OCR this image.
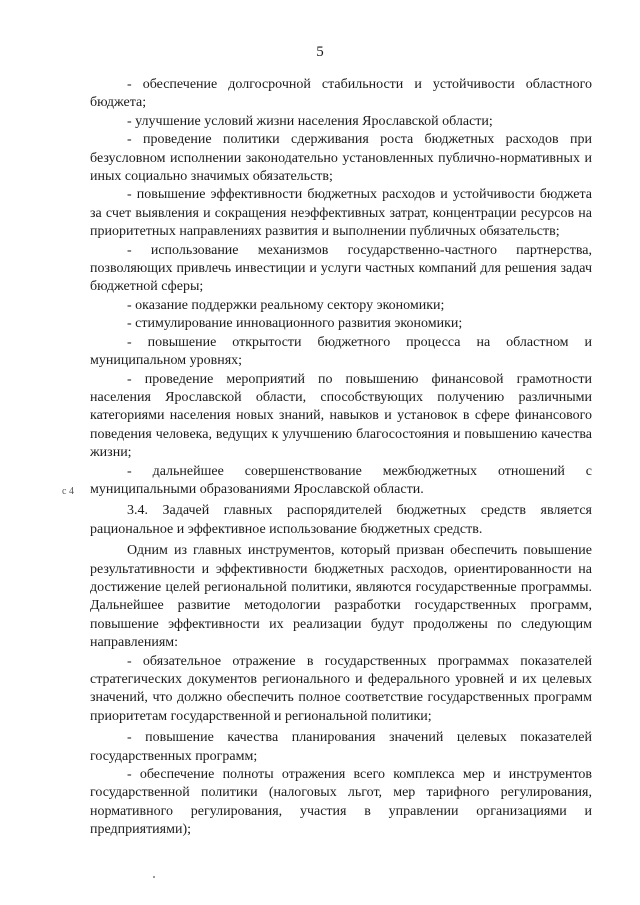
5
с 4

- обеспечение долгосрочной стабильности и устойчивости областного бюджета;

- улучшение условий жизни населения Ярославской области;

- проведение политики сдерживания роста бюджетных расходов при безусловном исполнении законодательно установленных публично-нормативных и иных социально значимых обязательств;

- повышение эффективности бюджетных расходов и устойчивости бюджета за счет выявления и сокращения неэффективных затрат, концентрации ресурсов на приоритетных направлениях развития и выполнении публичных обязательств;

- использование механизмов государственно-частного партнерства, позволяющих привлечь инвестиции и услуги частных компаний для решения задач бюджетной сферы;

- оказание поддержки реальному сектору экономики;

- стимулирование инновационного развития экономики;

- повышение открытости бюджетного процесса на областном и муниципальном уровнях;

- проведение мероприятий по повышению финансовой грамотности населения Ярославской области, способствующих получению различными категориями населения новых знаний, навыков и установок в сфере финансового поведения человека, ведущих к улучшению благосостояния и повышению качества жизни;

- дальнейшее совершенствование межбюджетных отношений с муниципальными образованиями Ярославской области.

3.4. Задачей главных распорядителей бюджетных средств является рациональное и эффективное использование бюджетных средств.

Одним из главных инструментов, который призван обеспечить повышение результативности и эффективности бюджетных расходов, ориентированности на достижение целей региональной политики, являются государственные программы. Дальнейшее развитие методологии разработки государственных программ, повышение эффективности их реализации будут продолжены по следующим направлениям:

- обязательное отражение в государственных программах показателей стратегических документов регионального и федерального уровней и их целевых значений, что должно обеспечить полное соответствие государственных программ приоритетам государственной и региональной политики;

- повышение качества планирования значений целевых показателей государственных программ;

- обеспечение полноты отражения всего комплекса мер и инструментов государственной политики (налоговых льгот, мер тарифного регулирования, нормативного регулирования, участия в управлении организациями и предприятиями);
